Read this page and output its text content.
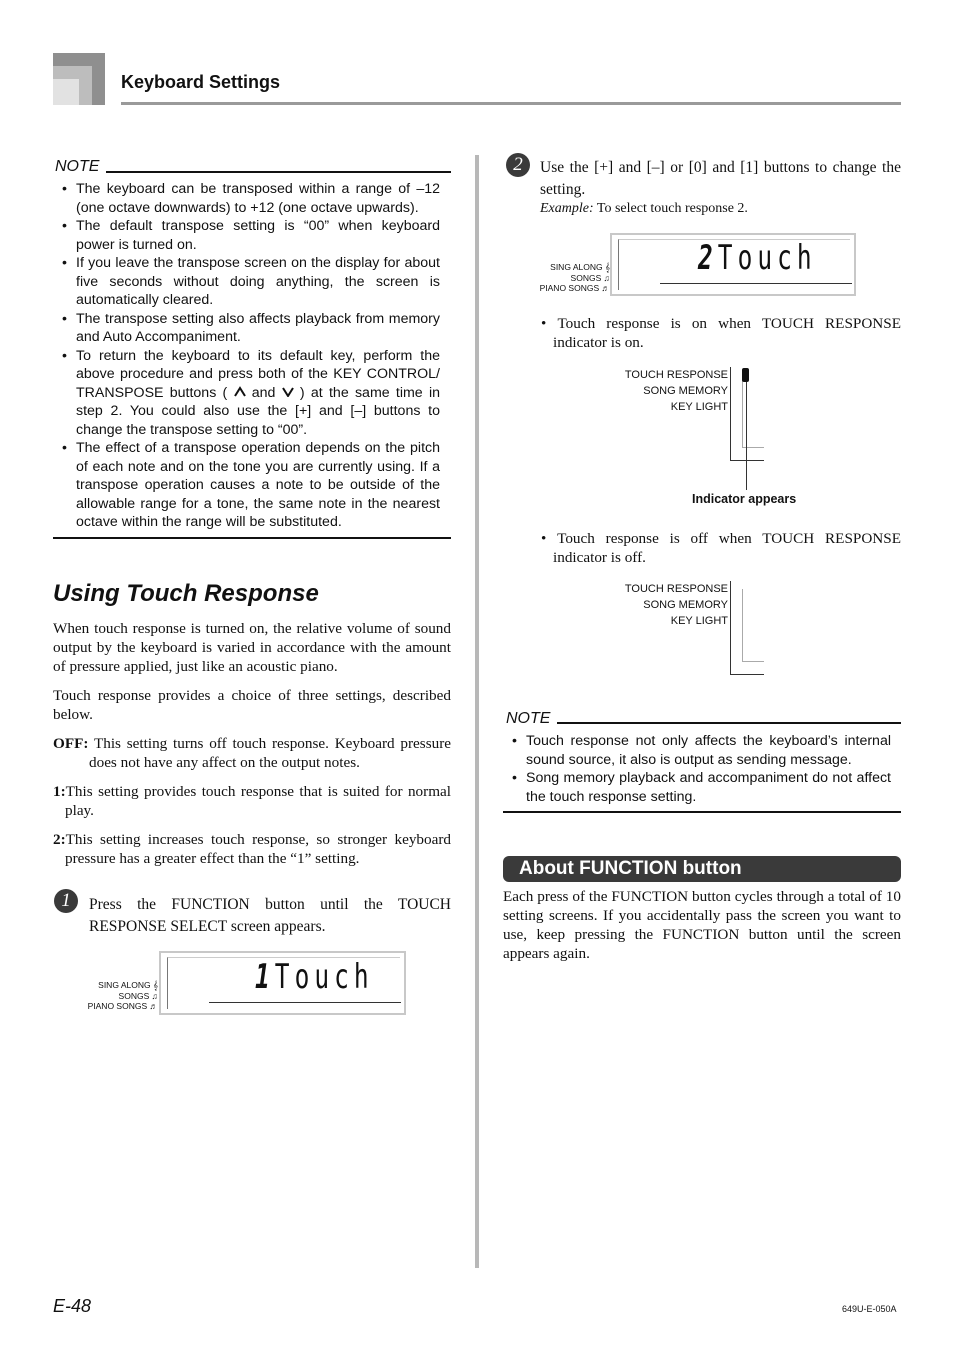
Keyboard Settings
NOTE
• The keyboard can be transposed within a range of –12 (one octave downwards) to +12 (one octave upwards).
• The default transpose setting is “00” when keyboard power is turned on.
• If you leave the transpose screen on the display for about five seconds without doing anything, the screen is automatically cleared.
• The transpose setting also affects playback from memory and Auto Accompaniment.
• To return the keyboard to its default key, perform the above procedure and press both of the KEY CONTROL/ TRANSPOSE buttons (  and  ) at the same time in step 2. You could also use the [+] and [–] buttons to change the transpose setting to “00”.
• The effect of a transpose operation depends on the pitch of each note and on the tone you are currently using. If a transpose operation causes a note to be outside of the allowable range for a tone, the same note in the nearest octave within the range will be substituted.
Using Touch Response

When touch response is turned on, the relative volume of sound output by the keyboard is varied in accordance with the amount of pressure applied, just like an acoustic piano.

Touch response provides a choice of three settings, described below.

OFF: This setting turns off touch response. Keyboard pressure does not have any affect on the output notes.

1:This setting provides touch response that is suited for normal play.

2:This setting increases touch response, so stronger keyboard pressure has a greater effect than the “1” setting.

1	Press the FUNCTION button until the TOUCH RESPONSE SELECT screen appears.
SING ALONG 𝄞
SONGS ♫
PIANO SONGS ♬
1Touch
2	Use the [+] and [–] or [0] and [1] buttons to change the setting.
Example: To select touch response 2.
SING ALONG 𝄞
SONGS ♫
PIANO SONGS ♬
2Touch
• Touch response is on when TOUCH RESPONSE indicator is on.
TOUCH RESPONSE
SONG MEMORY
KEY LIGHT
Indicator appears
• Touch response is off when TOUCH RESPONSE indicator is off.
TOUCH RESPONSE
SONG MEMORY
KEY LIGHT
NOTE
• Touch response not only affects the keyboard’s internal sound source, it also is output as sending message.
• Song memory playback and accompaniment do not affect the touch response setting.
About FUNCTION button
Each press of the FUNCTION button cycles through a total of 10 setting screens. If you accidentally pass the screen you want to use, keep pressing the FUNCTION button until the screen appears again.
E-48	649U-E-050A
